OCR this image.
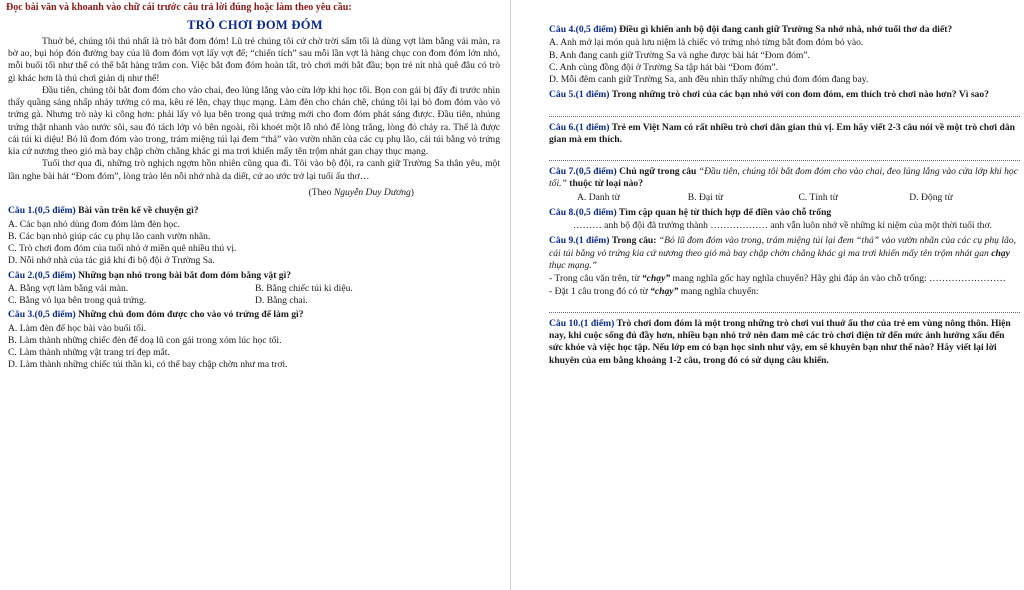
Đọc bài văn và khoanh vào chữ cái trước câu trả lời đúng hoặc làm theo yêu cầu:
TRÒ CHƠI ĐOM ĐÓM

Thuở bé, chúng tôi thú nhất là trò bắt đom đóm! Lũ trẻ chúng tôi cứ chờ trời sẩm tối là dùng vợt làm bằng vải màn, ra bờ ao, bụi hóp đón đường bay của lũ đom đóm vợt lấy vợt để; “chiến tích” sau mỗi lần vợt là hàng chục con đom đóm lớn nhỏ, mỗi buổi tối như thế có thể bắt hàng trăm con. Việc bắt đom đóm hoàn tất, trò chơi mới bắt đầu; bọn trẻ nít nhà quê đâu có trò gì khác hơn là thú chơi giản dị như thế!

Đầu tiên, chúng tôi bắt đom đóm cho vào chai, đeo lủng lẳng vào cửa lớp khi học tối. Bọn con gái bị đẩy đi trước nhìn thấy quầng sáng nhấp nháy tưởng có ma, kêu ré lên, chạy thục mạng. Làm đèn cho chán chê, chúng tôi lại bỏ đom đóm vào vỏ trứng gà. Nhưng trò này kì công hơn: phải lấy vỏ lụa bên trong quả trứng mới cho đom đóm phát sáng được. Đầu tiên, nhúng trứng thật nhanh vào nước sôi, sau đó tách lớp vỏ bên ngoài, rồi khoét một lỗ nhỏ để lòng trắng, lòng đỏ chảy ra. Thế là được cái túi kì diệu! Bỏ lũ đom đóm vào trong, trám miệng túi lại đem “thả” vào vườn nhãn của các cụ phụ lão, cái túi bằng vỏ trứng kia cứ nương theo gió mà bay chập chờn chẳng khác gì ma trơi khiến mấy tên trộm nhát gan chạy thục mạng.

Tuổi thơ qua đi, những trò nghịch ngợm hồn nhiên cũng qua đi. Tôi vào bộ đội, ra canh giữ Trường Sa thân yêu, một lần nghe bài hát “Đom đóm”, lòng trào lên nỗi nhớ nhà da diết, cứ ao ước trở lại tuổi ấu thơ…

(Theo Nguyễn Duy Dương)
Câu 1.(0,5 điểm) Bài văn trên kể về chuyện gì?
A. Các bạn nhỏ dùng đom đóm làm đèn học.
B. Các bạn nhỏ giúp các cụ phụ lão canh vườn nhãn.
C. Trò chơi đom đóm của tuổi nhỏ ở miền quê nhiều thú vị.
D. Nỗi nhớ nhà của tác giả khi đi bộ đội ở Trường Sa.
Câu 2.(0,5 điểm) Những bạn nhỏ trong bài bắt đom đóm bằng vật gì?
A. Bằng vợt làm bằng vải màn.	B. Bằng chiếc túi kì diệu.
C. Bằng vỏ lụa bên trong quả trứng.	D. Bằng chai.
Câu 3.(0,5 điểm) Những chú đom đóm được cho vào vỏ trứng để làm gì?
A. Làm đèn để học bài vào buổi tối.
B. Làm thành những chiếc đèn để doạ lũ con gái trong xóm lúc học tối.
C. Làm thành những vật trang trí đẹp mắt.
D. Làm thành những chiếc túi thần kì, có thể bay chập chờn như ma trơi.
Câu 4.(0,5 điểm) Điều gì khiến anh bộ đội đang canh giữ Trường Sa nhớ nhà, nhớ tuổi thơ da diết?
A. Anh mở lại món quà lưu niệm là chiếc vỏ trứng nhỏ từng bắt đom đóm bỏ vào.
B. Anh đang canh giữ Trường Sa và nghe được bài hát “Đom đóm”.
C. Anh cùng đồng đội ở Trường Sa tập hát bài “Đom đóm”.
D. Mỗi đêm canh giữ Trường Sa, anh đều nhìn thấy những chú đom đóm đang bay.
Câu 5.(1 điểm) Trong những trò chơi của các bạn nhỏ với con đom đóm, em thích trò chơi nào hơn? Vì sao?
Câu 6.(1 điểm) Trẻ em Việt Nam có rất nhiều trò chơi dân gian thú vị. Em hãy viết 2-3 câu nói về một trò chơi dân gian mà em thích.
Câu 7.(0,5 điểm) Chủ ngữ trong câu “Đầu tiên, chúng tôi bắt đom đóm cho vào chai, đeo lủng lẳng vào cửa lớp khi học tối.” thuộc từ loại nào?
A. Danh từ	B. Đại từ	C. Tính từ	D. Động từ
Câu 8.(0,5 điểm) Tìm cặp quan hệ từ thích hợp để điền vào chỗ trống
……… anh bộ đội đã trưởng thành ……………… anh vẫn luôn nhớ về những kỉ niệm của một thời tuổi thơ.
Câu 9.(1 điểm) Trong câu: “Bỏ lũ đom đóm vào trong, trám miệng túi lại đem “thả” vào vườn nhãn của các cụ phụ lão, cái túi bằng vỏ trứng kia cứ nương theo gió mà bay chập chờn chẳng khác gì ma trơi khiến mấy tên trộm nhát gan chạy thục mạng.”
- Trong câu văn trên, từ “chạy” mang nghĩa gốc hay nghĩa chuyển? Hãy ghi đáp án vào chỗ trống: ……………………
- Đặt 1 câu trong đó có từ “chạy” mang nghĩa chuyển:
Câu 10.(1 điểm) Trò chơi đom đóm là một trong những trò chơi vui thuở ấu thơ của trẻ em vùng nông thôn. Hiện nay, khi cuộc sống đủ đầy hơn, nhiều bạn nhỏ trở nên đam mê các trò chơi điện tử đến mức ảnh hưởng xấu đến sức khỏe và việc học tập. Nếu lớp em có bạn học sinh như vậy, em sẽ khuyên bạn như thế nào? Hãy viết lại lời khuyên của em bằng khoảng 1-2 câu, trong đó có sử dụng câu khiến.
